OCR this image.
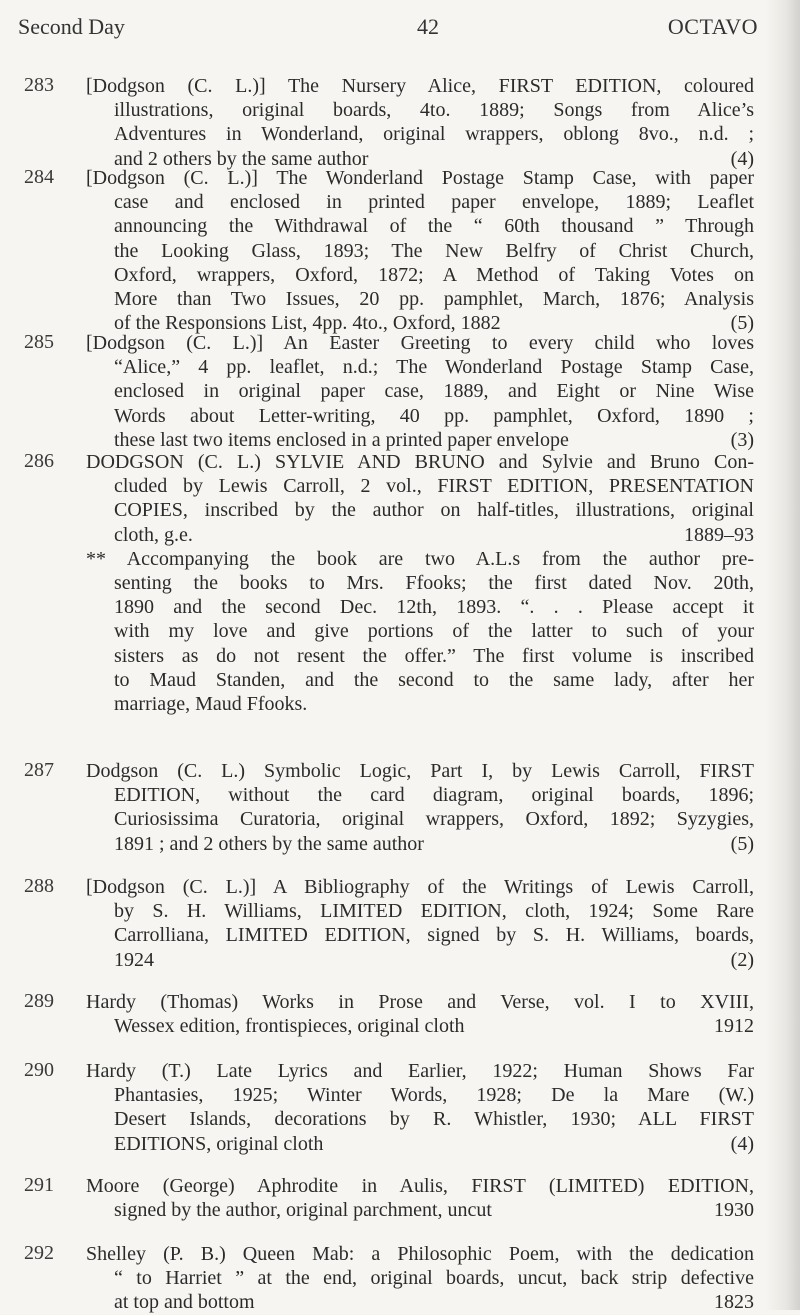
Second Day	42	OCTAVO
283	[Dodgson (C. L.)] The Nursery Alice, FIRST EDITION, coloured
illustrations, original boards, 4to. 1889; Songs from Alice’s
Adventures in Wonderland, original wrappers, oblong 8vo., n.d. ;
and 2 others by the same author	(4)
284	[Dodgson (C. L.)] The Wonderland Postage Stamp Case, with paper
case and enclosed in printed paper envelope, 1889; Leaflet
announcing the Withdrawal of the “ 60th thousand ” Through
the Looking Glass, 1893; The New Belfry of Christ Church,
Oxford, wrappers, Oxford, 1872; A Method of Taking Votes on
More than Two Issues, 20 pp. pamphlet, March, 1876; Analysis
of the Responsions List, 4pp. 4to., Oxford, 1882	(5)
285	[Dodgson (C. L.)] An Easter Greeting to every child who loves
“Alice,” 4 pp. leaflet, n.d.; The Wonderland Postage Stamp Case,
enclosed in original paper case, 1889, and Eight or Nine Wise
Words about Letter-writing, 40 pp. pamphlet, Oxford, 1890 ;
these last two items enclosed in a printed paper envelope	(3)
286	DODGSON (C. L.) SYLVIE AND BRUNO and Sylvie and Bruno Con-
cluded by Lewis Carroll, 2 vol., FIRST EDITION, PRESENTATION
COPIES, inscribed by the author on half-titles, illustrations, original
cloth, g.e.	1889–93
** Accompanying the book are two A.L.s from the author pre-
senting the books to Mrs. Ffooks; the first dated Nov. 20th,
1890 and the second Dec. 12th, 1893. “. . . Please accept it
with my love and give portions of the latter to such of your
sisters as do not resent the offer.” The first volume is inscribed
to Maud Standen, and the second to the same lady, after her
marriage, Maud Ffooks.
287	Dodgson (C. L.) Symbolic Logic, Part I, by Lewis Carroll, FIRST
EDITION, without the card diagram, original boards, 1896;
Curiosissima Curatoria, original wrappers, Oxford, 1892; Syzygies,
1891 ; and 2 others by the same author	(5)
288	[Dodgson (C. L.)] A Bibliography of the Writings of Lewis Carroll,
by S. H. Williams, LIMITED EDITION, cloth, 1924; Some Rare
Carrolliana, LIMITED EDITION, signed by S. H. Williams, boards,
1924	(2)
289	Hardy (Thomas) Works in Prose and Verse, vol. I to XVIII,
Wessex edition, frontispieces, original cloth	1912
290	Hardy (T.) Late Lyrics and Earlier, 1922; Human Shows Far
Phantasies, 1925; Winter Words, 1928; De la Mare (W.)
Desert Islands, decorations by R. Whistler, 1930; ALL FIRST
EDITIONS, original cloth	(4)
291	Moore (George) Aphrodite in Aulis, FIRST (LIMITED) EDITION,
signed by the author, original parchment, uncut	1930
292	Shelley (P. B.) Queen Mab: a Philosophic Poem, with the dedication
“ to Harriet ” at the end, original boards, uncut, back strip defective
at top and bottom	1823
